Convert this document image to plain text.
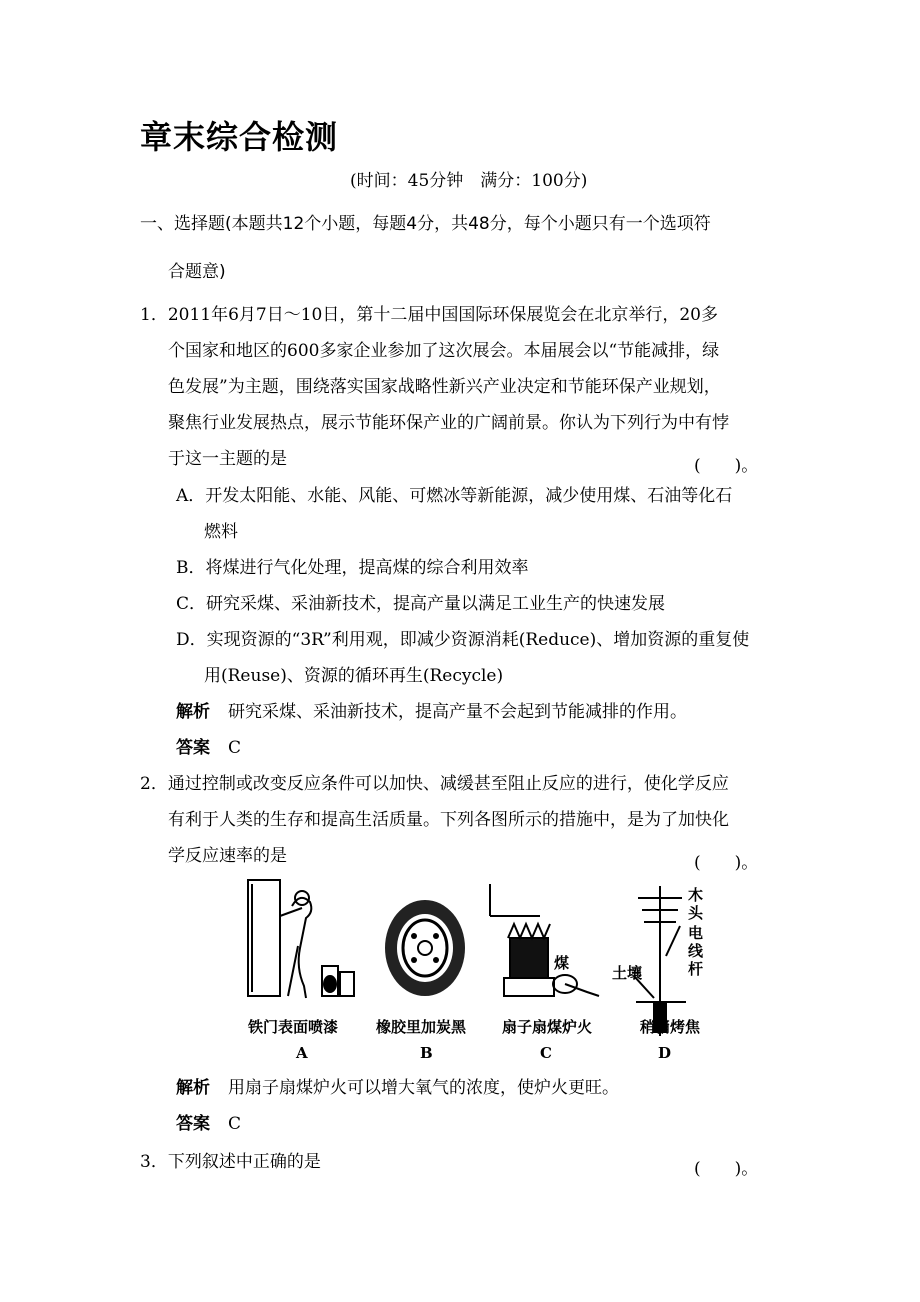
章末综合检测
(时间：45分钟　满分：100分)
一、选择题(本题共12个小题，每题4分，共48分，每个小题只有一个选项符
合题意)
1．2011年6月7日～10日，第十二届中国国际环保展览会在北京举行，20多
个国家和地区的600多家企业参加了这次展会。本届展会以“节能减排，绿
色发展”为主题，围绕落实国家战略性新兴产业决定和节能环保产业规划，
聚焦行业发展热点，展示节能环保产业的广阔前景。你认为下列行为中有悖
于这一主题的是	(　　)。
A．开发太阳能、水能、风能、可燃冰等新能源，减少使用煤、石油等化石
燃料
B．将煤进行气化处理，提高煤的综合利用效率
C．研究采煤、采油新技术，提高产量以满足工业生产的快速发展
D．实现资源的“3R”利用观，即减少资源消耗(Reduce)、增加资源的重复使
用(Reuse)、资源的循环再生(Recycle)
解析 研究采煤、采油新技术，提高产量不会起到节能减排的作用。
答案 C
2．通过控制或改变反应条件可以加快、减缓甚至阻止反应的进行，使化学反应
有利于人类的生存和提高生活质量。下列各图所示的措施中，是为了加快化
学反应速率的是	(　　)。
煤
土壤
木
头
电
线
杆
铁门表面喷漆	橡胶里加炭黑 扇子扇煤炉火	稍稍烤焦
A	B	C	D
解析 用扇子扇煤炉火可以增大氧气的浓度，使炉火更旺。
答案 C
3．下列叙述中正确的是	(　　)。
